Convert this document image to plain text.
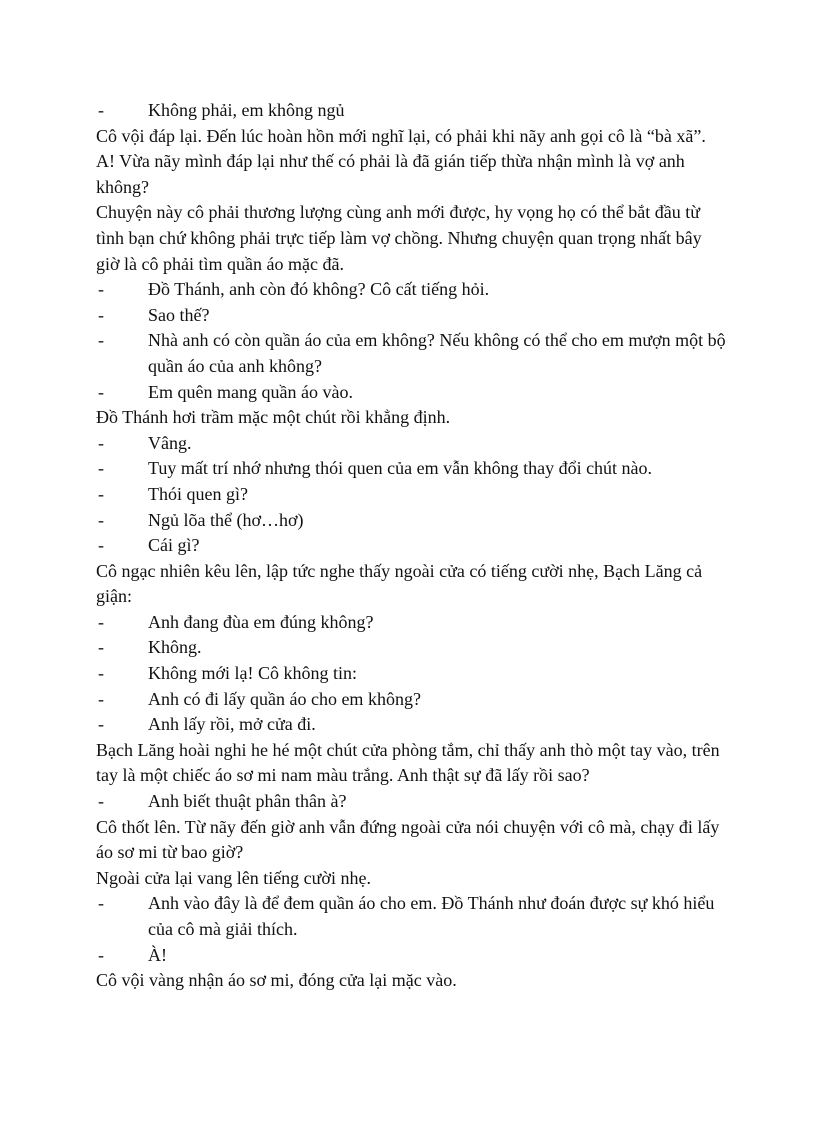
- Không phải, em không ngủ

Cô vội đáp lại. Đến lúc hoàn hồn mới nghĩ lại, có phải khi nãy anh gọi cô là “bà xã”. A! Vừa nãy mình đáp lại như thế có phải là đã gián tiếp thừa nhận mình là vợ anh không?

Chuyện này cô phải thương lượng cùng anh mới được, hy vọng họ có thể bắt đầu từ tình bạn chứ không phải trực tiếp làm vợ chồng. Nhưng chuyện quan trọng nhất bây giờ là cô phải tìm quần áo mặc đã.

- Đồ Thánh, anh còn đó không? Cô cất tiếng hỏi.

- Sao thế?

- Nhà anh có còn quần áo của em không? Nếu không có thể cho em mượn một bộ quần áo của anh không?

- Em quên mang quần áo vào.

Đồ Thánh hơi trầm mặc một chút rồi khẳng định.

- Vâng.

- Tuy mất trí nhớ nhưng thói quen của em vẫn không thay đổi chút nào.

- Thói quen gì?

- Ngủ lõa thể (hơ…hơ)

- Cái gì?

Cô ngạc nhiên kêu lên, lập tức nghe thấy ngoài cửa có tiếng cười nhẹ, Bạch Lăng cả giận:

- Anh đang đùa em đúng không?

- Không.

- Không mới lạ! Cô không tin:

- Anh có đi lấy quần áo cho em không?

- Anh lấy rồi, mở cửa đi.

Bạch Lăng hoài nghi he hé một chút cửa phòng tắm, chỉ thấy anh thò một tay vào, trên tay là một chiếc áo sơ mi nam màu trắng. Anh thật sự đã lấy rồi sao?

- Anh biết thuật phân thân à?

Cô thốt lên. Từ nãy đến giờ anh vẫn đứng ngoài cửa nói chuyện với cô mà, chạy đi lấy áo sơ mi từ bao giờ?

Ngoài cửa lại vang lên tiếng cười nhẹ.

- Anh vào đây là để đem quần áo cho em. Đồ Thánh như đoán được sự khó hiểu của cô mà giải thích.

- À!

Cô vội vàng nhận áo sơ mi, đóng cửa lại mặc vào.
